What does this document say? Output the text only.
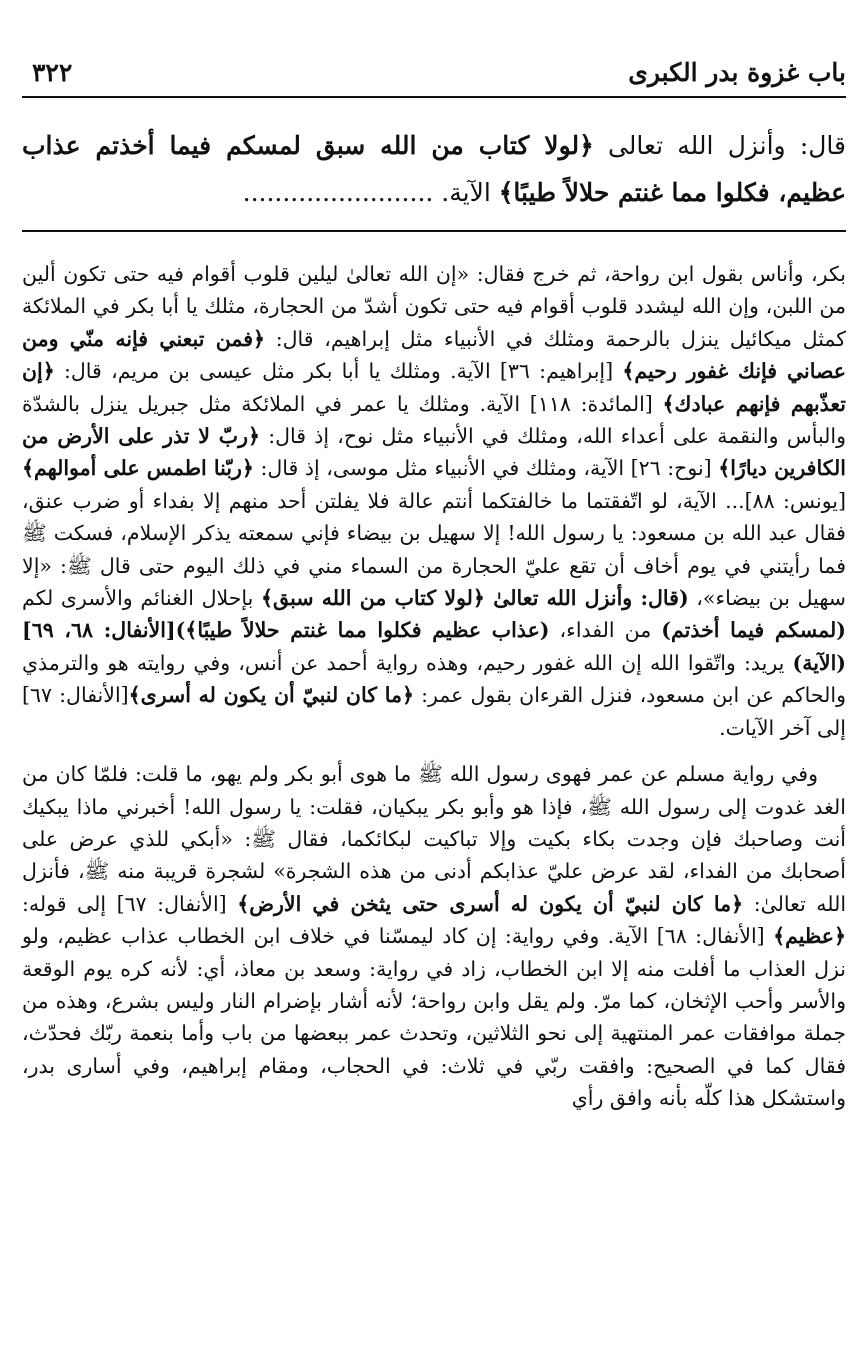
باب غزوة بدر الكبرى
٣٢٢
قال: وأنزل الله تعالى ﴿لولا كتاب من الله سبق لمسكم فيما أخذتم عذاب عظيم، فكلوا مما غنتم حلالاً طيبًا﴾ الآية. ........................

بكر، وأناس بقول ابن رواحة، ثم خرج فقال: «إن الله تعالىٰ ليلين قلوب أقوام فيه حتى تكون ألين من اللبن، وإن الله ليشدد قلوب أقوام فيه حتى تكون أشدّ من الحجارة، مثلك يا أبا بكر في الملائكة كمثل ميكائيل ينزل بالرحمة ومثلك في الأنبياء مثل إبراهيم، قال: ﴿فمن تبعني فإنه منّي ومن عصاني فإنك غفور رحيم﴾ [إبراهيم: ٣٦] الآية. ومثلك يا أبا بكر مثل عيسى بن مريم، قال: ﴿إن تعذّبهم فإنهم عبادك﴾ [المائدة: ١١٨] الآية. ومثلك يا عمر في الملائكة مثل جبريل ينزل بالشدّة والبأس والنقمة على أعداء الله، ومثلك في الأنبياء مثل نوح، إذ قال: ﴿ربّ لا تذر على الأرض من الكافرين ديارًا﴾ [نوح: ٢٦] الآية، ومثلك في الأنبياء مثل موسى، إذ قال: ﴿ربّنا اطمس على أموالهم﴾ [يونس: ٨٨]... الآية، لو اتّفقتما ما خالفتكما أنتم عالة فلا يفلتن أحد منهم إلا بفداء أو ضرب عنق، فقال عبد الله بن مسعود: يا رسول الله! إلا سهيل بن بيضاء فإني سمعته يذكر الإسلام، فسكت ﷺ فما رأيتني في يوم أخاف أن تقع عليّ الحجارة من السماء مني في ذلك اليوم حتى قال ﷺ: «إلا سهيل بن بيضاء»، (قال: وأنزل الله تعالىٰ ﴿لولا كتاب من الله سبق﴾ بإحلال الغنائم والأسرى لكم (لمسكم فيما أخذتم) من الفداء، (عذاب عظيم فكلوا مما غنتم حلالاً طيبًا﴾)[الأنفال: ٦٨، ٦٩] (الآية) يريد: واتّقوا الله إن الله غفور رحيم، وهذه رواية أحمد عن أنس، وفي روايته هو والترمذي والحاكم عن ابن مسعود، فنزل القرءان بقول عمر: ﴿ما كان لنبيّ أن يكون له أسرى﴾[الأنفال: ٦٧] إلى آخر الآيات.

وفي رواية مسلم عن عمر فهوى رسول الله ﷺ ما هوى أبو بكر ولم يهو، ما قلت: فلمّا كان من الغد غدوت إلى رسول الله ﷺ، فإذا هو وأبو بكر يبكيان، فقلت: يا رسول الله! أخبرني ماذا يبكيك أنت وصاحبك فإن وجدت بكاء بكيت وإلا تباكيت لبكائكما، فقال ﷺ: «أبكي للذي عرض على أصحابك من الفداء، لقد عرض عليّ عذابكم أدنى من هذه الشجرة» لشجرة قريبة منه ﷺ، فأنزل الله تعالىٰ: ﴿ما كان لنبيّ أن يكون له أسرى حتى يثخن في الأرض﴾ [الأنفال: ٦٧] إلى قوله: ﴿عظيم﴾ [الأنفال: ٦٨] الآية. وفي رواية: إن كاد ليمسّنا في خلاف ابن الخطاب عذاب عظيم، ولو نزل العذاب ما أفلت منه إلا ابن الخطاب، زاد في رواية: وسعد بن معاذ، أي: لأنه كره يوم الوقعة والأسر وأحب الإثخان، كما مرّ. ولم يقل وابن رواحة؛ لأنه أشار بإضرام النار وليس بشرع، وهذه من جملة موافقات عمر المنتهية إلى نحو الثلاثين، وتحدث عمر ببعضها من باب وأما بنعمة ربّك فحدّث، فقال كما في الصحيح: وافقت ربّي في ثلاث: في الحجاب، ومقام إبراهيم، وفي أسارى بدر، واستشكل هذا كلّه بأنه وافق رأي
